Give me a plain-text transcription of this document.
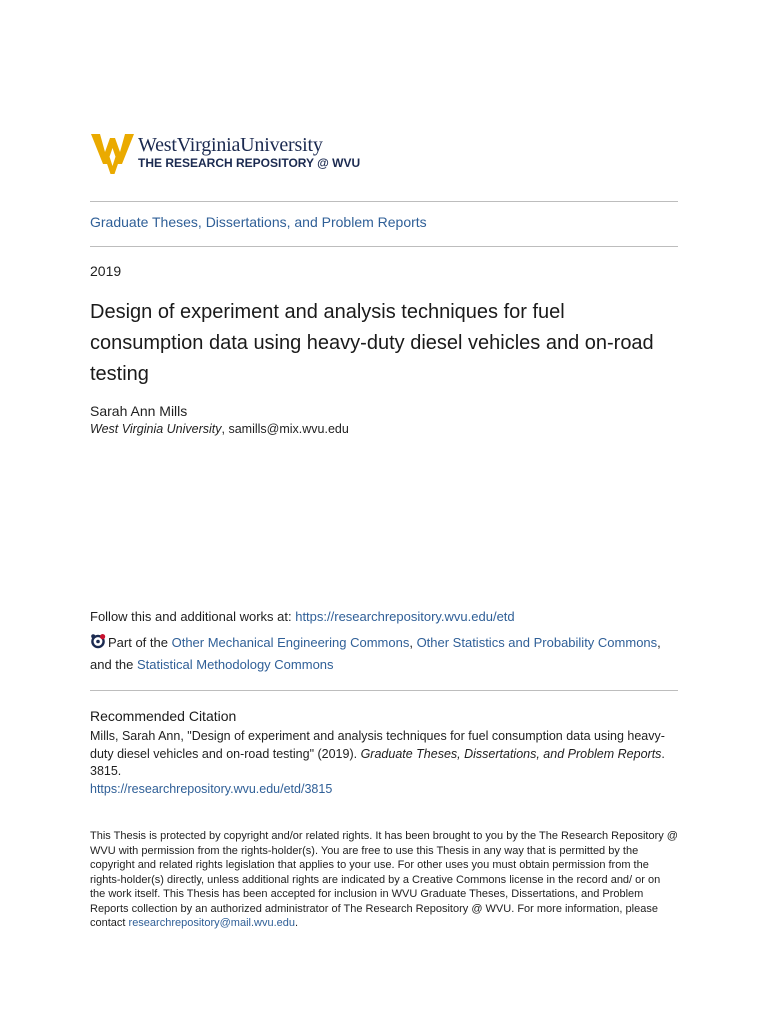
WestVirginiaUniversity
THE RESEARCH REPOSITORY @ WVU
Graduate Theses, Dissertations, and Problem Reports
2019
Design of experiment and analysis techniques for fuel consumption data using heavy-duty diesel vehicles and on-road testing
Sarah Ann Mills
West Virginia University, samills@mix.wvu.edu
Follow this and additional works at: https://researchrepository.wvu.edu/etd
Part of the Other Mechanical Engineering Commons, Other Statistics and Probability Commons, and the Statistical Methodology Commons
Recommended Citation
Mills, Sarah Ann, "Design of experiment and analysis techniques for fuel consumption data using heavy-duty diesel vehicles and on-road testing" (2019). Graduate Theses, Dissertations, and Problem Reports. 3815.
https://researchrepository.wvu.edu/etd/3815
This Thesis is protected by copyright and/or related rights. It has been brought to you by the The Research Repository @ WVU with permission from the rights-holder(s). You are free to use this Thesis in any way that is permitted by the copyright and related rights legislation that applies to your use. For other uses you must obtain permission from the rights-holder(s) directly, unless additional rights are indicated by a Creative Commons license in the record and/ or on the work itself. This Thesis has been accepted for inclusion in WVU Graduate Theses, Dissertations, and Problem Reports collection by an authorized administrator of The Research Repository @ WVU. For more information, please contact researchrepository@mail.wvu.edu.
